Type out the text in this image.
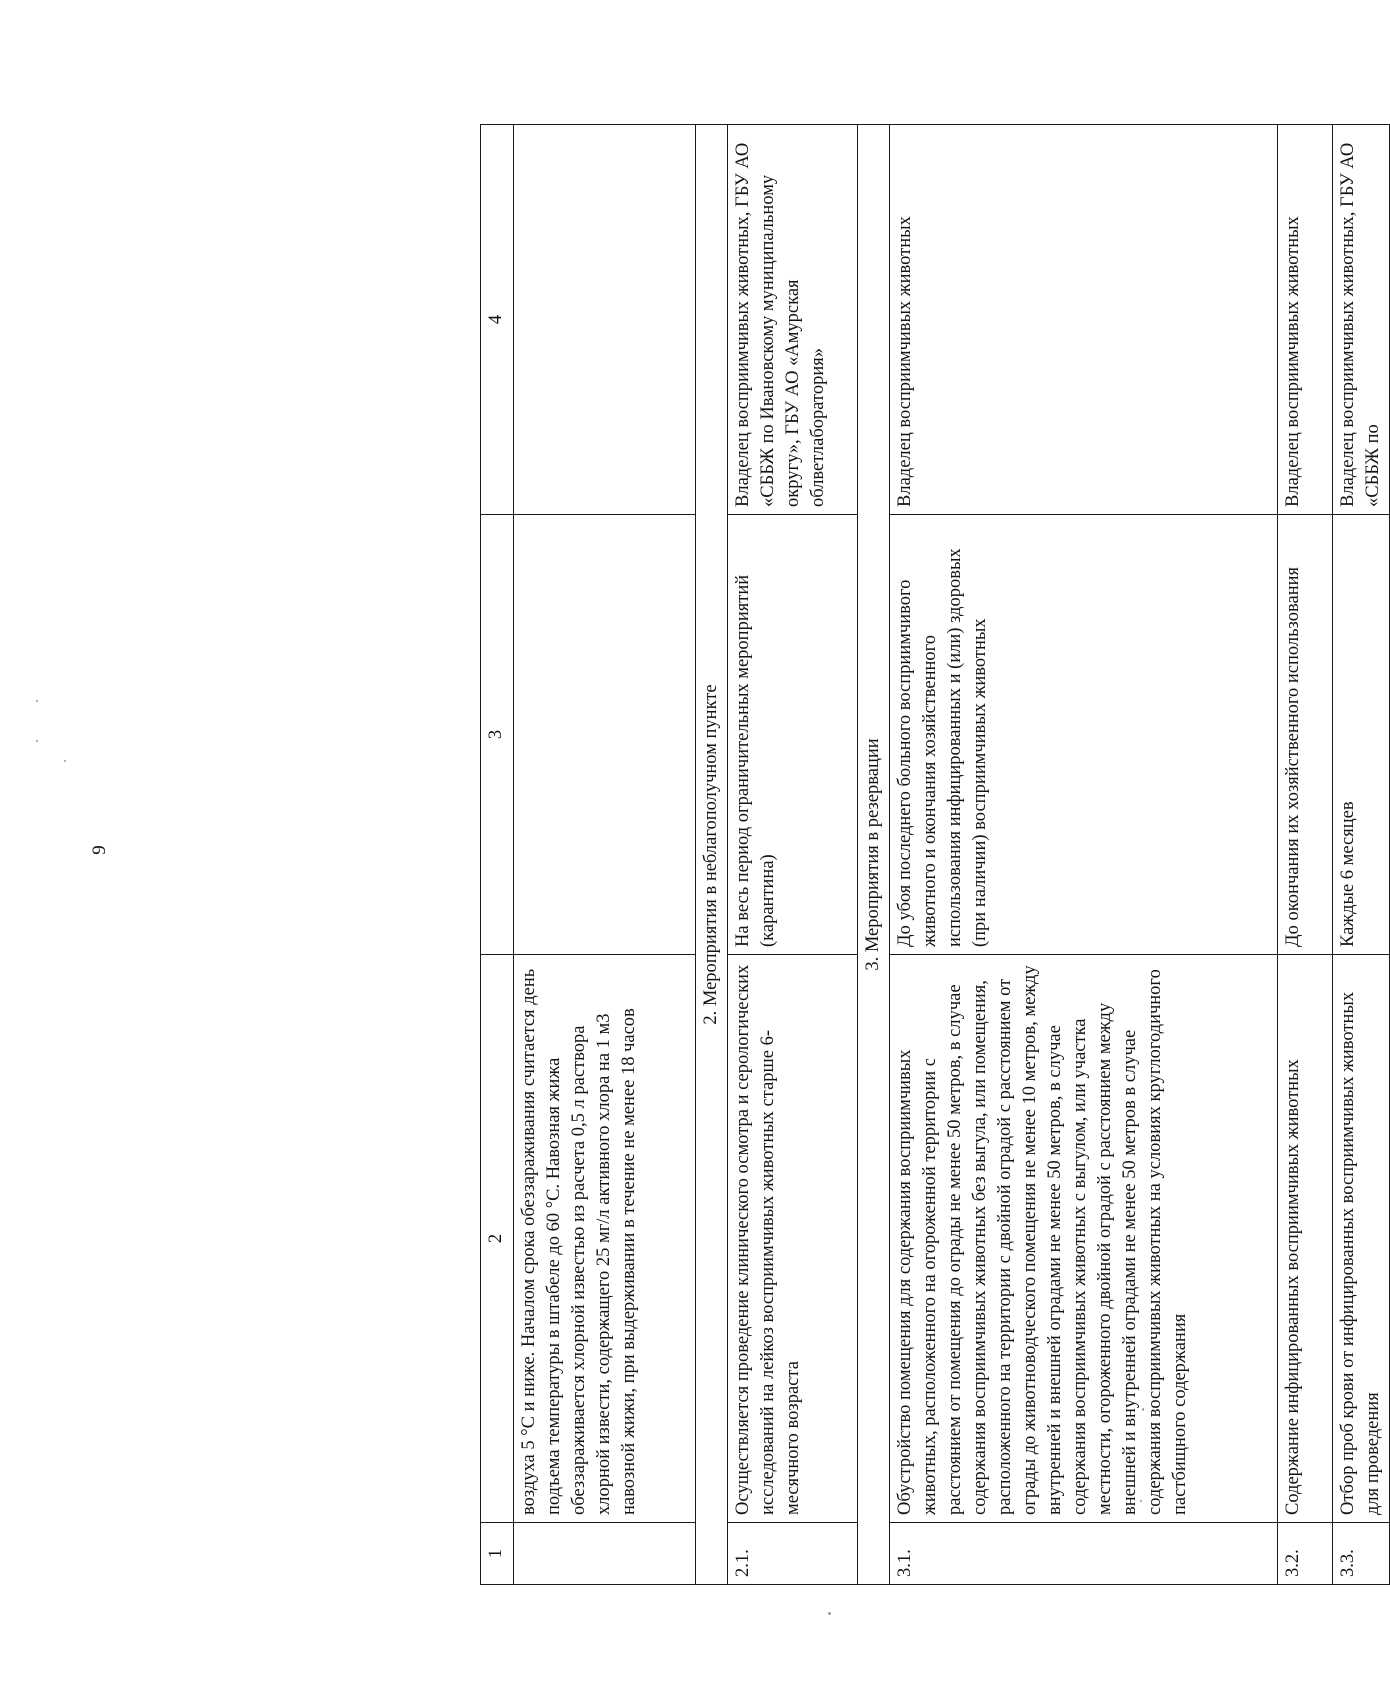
9
1	2	3	4
	воздуха 5 °С и ниже. Началом срока обеззараживания считается день подъема температуры в штабеле до 60 °С. Навозная жижа обеззараживается хлорной известью из расчета 0,5 л раствора хлорной извести, содержащего 25 мг/л активного хлора на 1 м3 навозной жижи, при выдерживании в течение не менее 18 часов		
2. Мероприятия в неблагополучном пункте			
2.1.	Осуществляется проведение клинического осмотра и серологических исследований на лейкоз восприимчивых животных старше 6-месячного возраста	На весь период ограничительных мероприятий (карантина)	Владелец восприимчивых животных, ГБУ АО «СББЖ по Ивановскому муниципальному округу», ГБУ АО «Амурская облветлаборатория»
3. Мероприятия в резервации			
3.1.	Обустройство помещения для содержания восприимчивых животных, расположенного на огороженной территории с расстоянием от помещения до ограды не менее 50 метров, в случае содержания восприимчивых животных без выгула, или помещения, расположенного на территории с двойной оградой с расстоянием от ограды до животноводческого помещения не менее 10 метров, между внутренней и внешней оградами не менее 50 метров, в случае содержания восприимчивых животных с выгулом, или участка местности, огороженного двойной оградой с расстоянием между внешней и внутренней оградами не менее 50 метров в случае содержания восприимчивых животных на условиях круглогодичного пастбищного содержания	До убоя последнего больного восприимчивого животного и окончания хозяйственного использования инфицированных и (или) здоровых (при наличии) восприимчивых животных	Владелец восприимчивых животных
3.2.	Содержание инфицированных восприимчивых животных	До окончания их хозяйственного использования	Владелец восприимчивых животных
3.3.	Отбор проб крови от инфицированных восприимчивых животных для проведения	Каждые 6 месяцев	Владелец восприимчивых животных, ГБУ АО «СББЖ по
